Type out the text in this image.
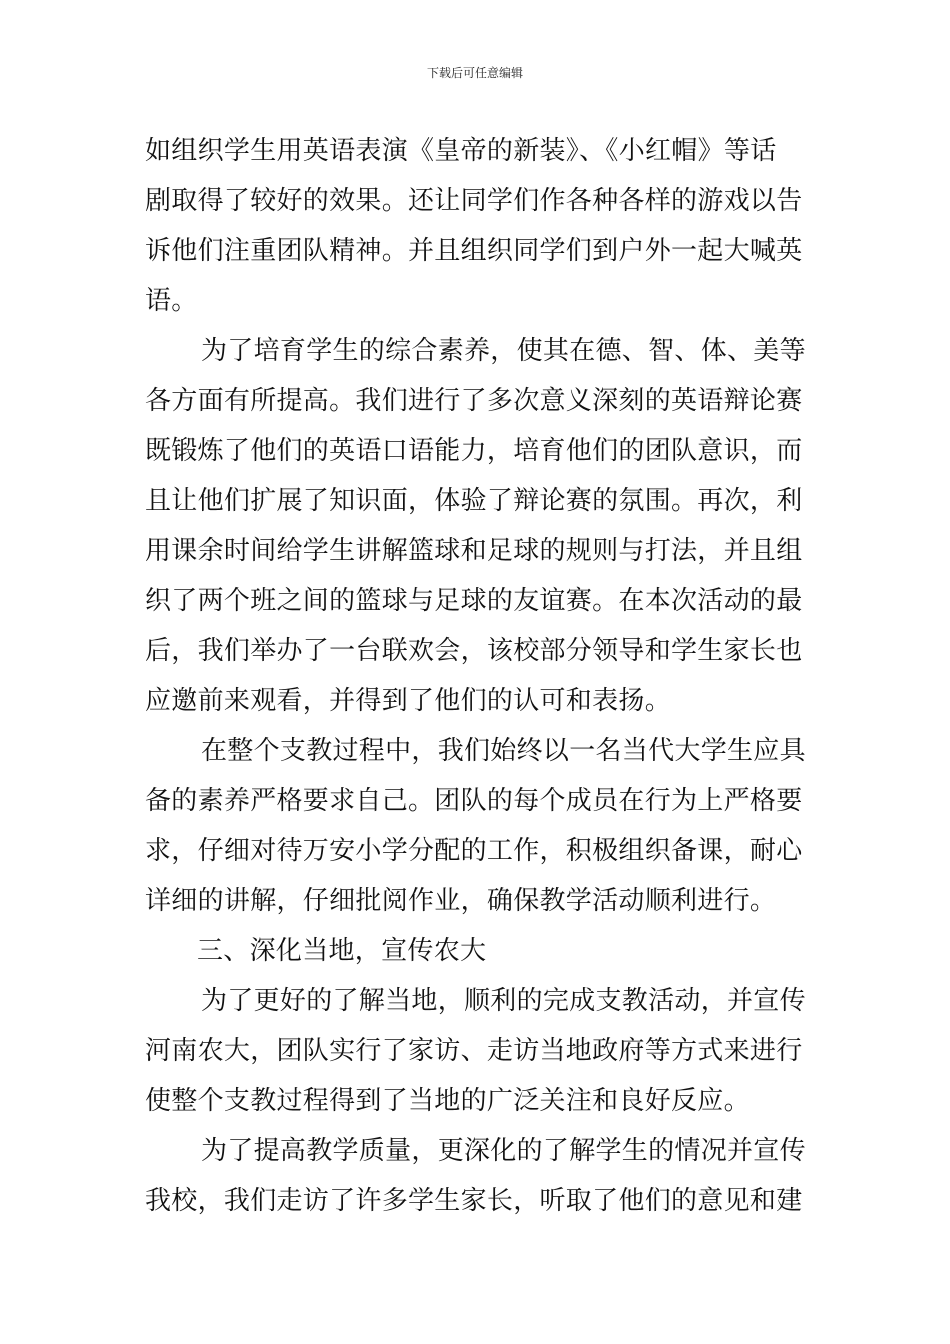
下载后可任意编辑
如组织学生用英语表演《皇帝的新装》、《小红帽》等话
剧取得了较好的效果。还让同学们作各种各样的游戏以告
诉他们注重团队精神。并且组织同学们到户外一起大喊英
语。
为了培育学生的综合素养，使其在德、智、体、美等
各方面有所提高。我们进行了多次意义深刻的英语辩论赛
既锻炼了他们的英语口语能力，培育他们的团队意识，而
且让他们扩展了知识面，体验了辩论赛的氛围。再次，利
用课余时间给学生讲解篮球和足球的规则与打法，并且组
织了两个班之间的篮球与足球的友谊赛。在本次活动的最
后，我们举办了一台联欢会，该校部分领导和学生家长也
应邀前来观看，并得到了他们的认可和表扬。
在整个支教过程中，我们始终以一名当代大学生应具
备的素养严格要求自己。团队的每个成员在行为上严格要
求，仔细对待万安小学分配的工作，积极组织备课，耐心
详细的讲解，仔细批阅作业，确保教学活动顺利进行。
三、深化当地，宣传农大
为了更好的了解当地，顺利的完成支教活动，并宣传
河南农大，团队实行了家访、走访当地政府等方式来进行
使整个支教过程得到了当地的广泛关注和良好反应。
为了提高教学质量，更深化的了解学生的情况并宣传
我校，我们走访了许多学生家长，听取了他们的意见和建
